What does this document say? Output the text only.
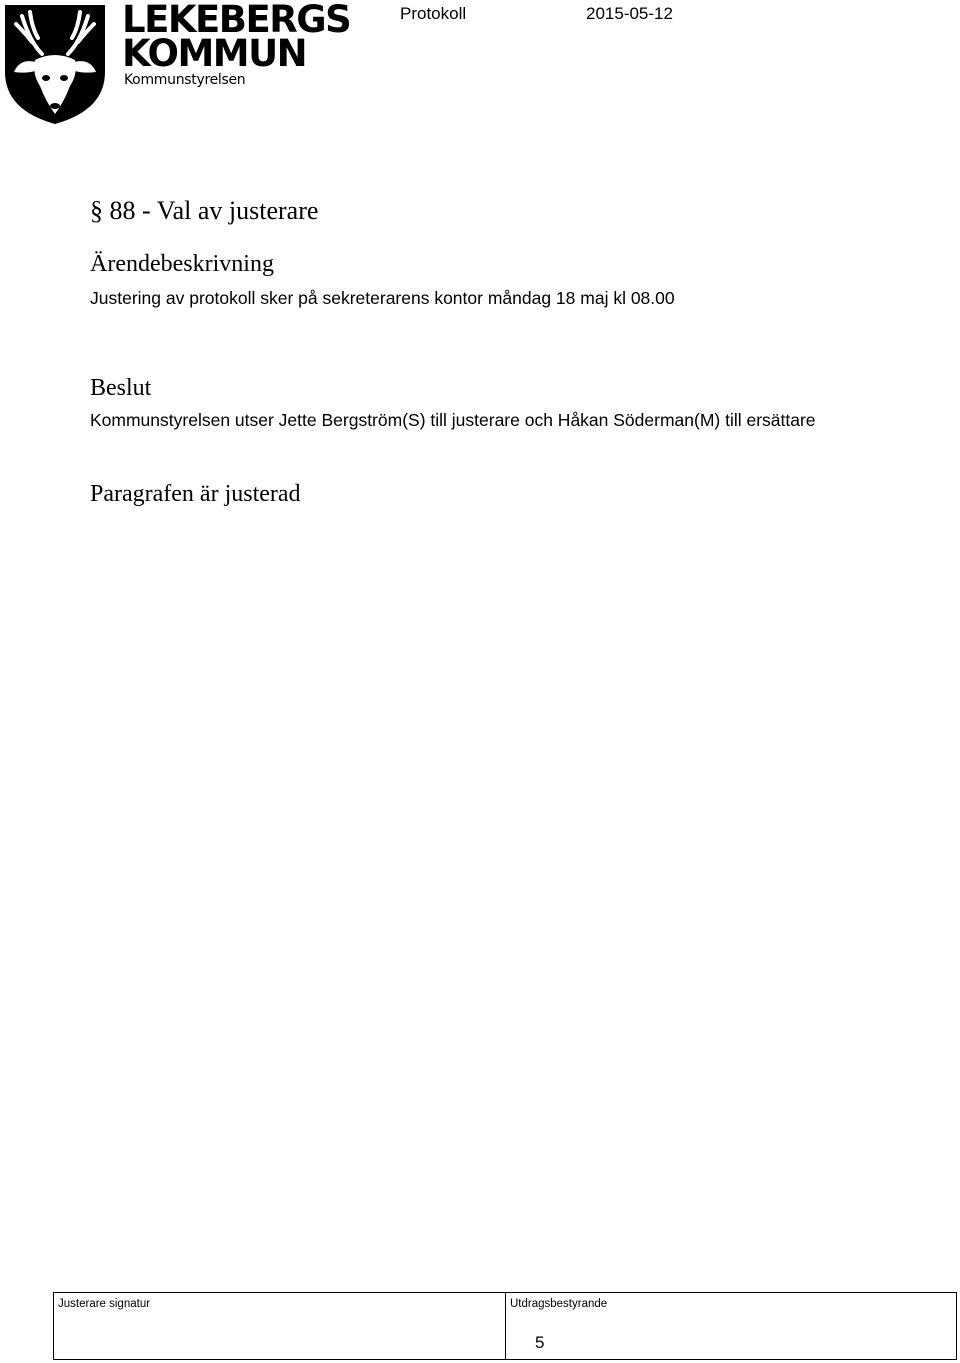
LEKEBERGS
KOMMUN
Kommunstyrelsen
Protokoll	2015-05-12
§ 88 - Val av justerare
Ärendebeskrivning
Justering av protokoll sker på sekreterarens kontor måndag 18 maj kl 08.00
Beslut
Kommunstyrelsen utser Jette Bergström(S) till justerare och Håkan Söderman(M) till ersättare
Paragrafen är justerad
Justerare signatur	Utdragsbestyrande
5
